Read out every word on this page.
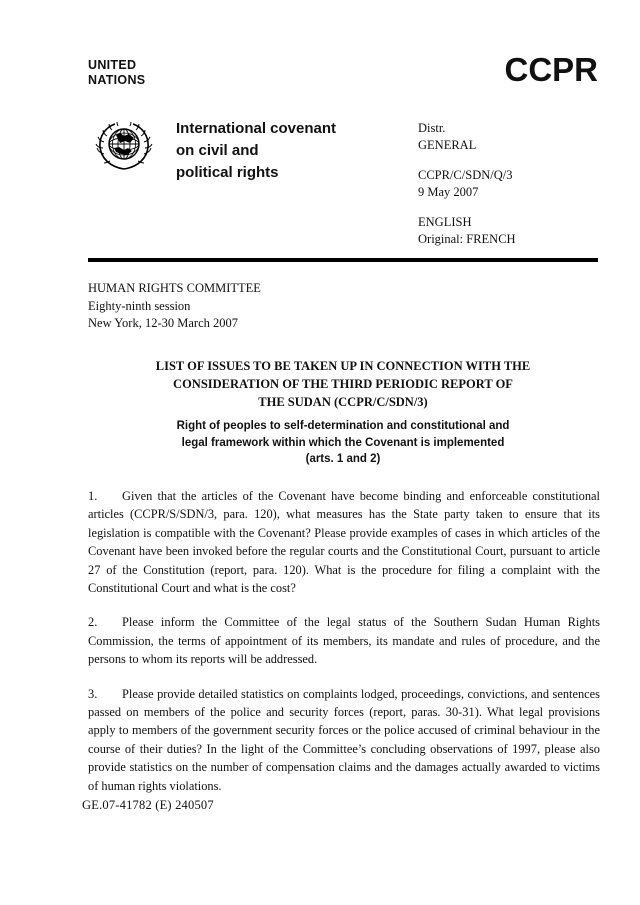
UNITED
NATIONS	CCPR
International covenant
on civil and
political rights
Distr.
GENERAL
CCPR/C/SDN/Q/3
9 May 2007
ENGLISH
Original: FRENCH
HUMAN RIGHTS COMMITTEE
Eighty-ninth session
New York, 12-30 March 2007
LIST OF ISSUES TO BE TAKEN UP IN CONNECTION WITH THE
CONSIDERATION OF THE THIRD PERIODIC REPORT OF
THE SUDAN (CCPR/C/SDN/3)
Right of peoples to self-determination and constitutional and
legal framework within which the Covenant is implemented
(arts. 1 and 2)
1. Given that the articles of the Covenant have become binding and enforceable constitutional articles (CCPR/S/SDN/3, para. 120), what measures has the State party taken to ensure that its legislation is compatible with the Covenant? Please provide examples of cases in which articles of the Covenant have been invoked before the regular courts and the Constitutional Court, pursuant to article 27 of the Constitution (report, para. 120). What is the procedure for filing a complaint with the Constitutional Court and what is the cost?
2. Please inform the Committee of the legal status of the Southern Sudan Human Rights Commission, the terms of appointment of its members, its mandate and rules of procedure, and the persons to whom its reports will be addressed.
3. Please provide detailed statistics on complaints lodged, proceedings, convictions, and sentences passed on members of the police and security forces (report, paras. 30-31). What legal provisions apply to members of the government security forces or the police accused of criminal behaviour in the course of their duties? In the light of the Committee’s concluding observations of 1997, please also provide statistics on the number of compensation claims and the damages actually awarded to victims of human rights violations.
GE.07-41782 (E) 240507
